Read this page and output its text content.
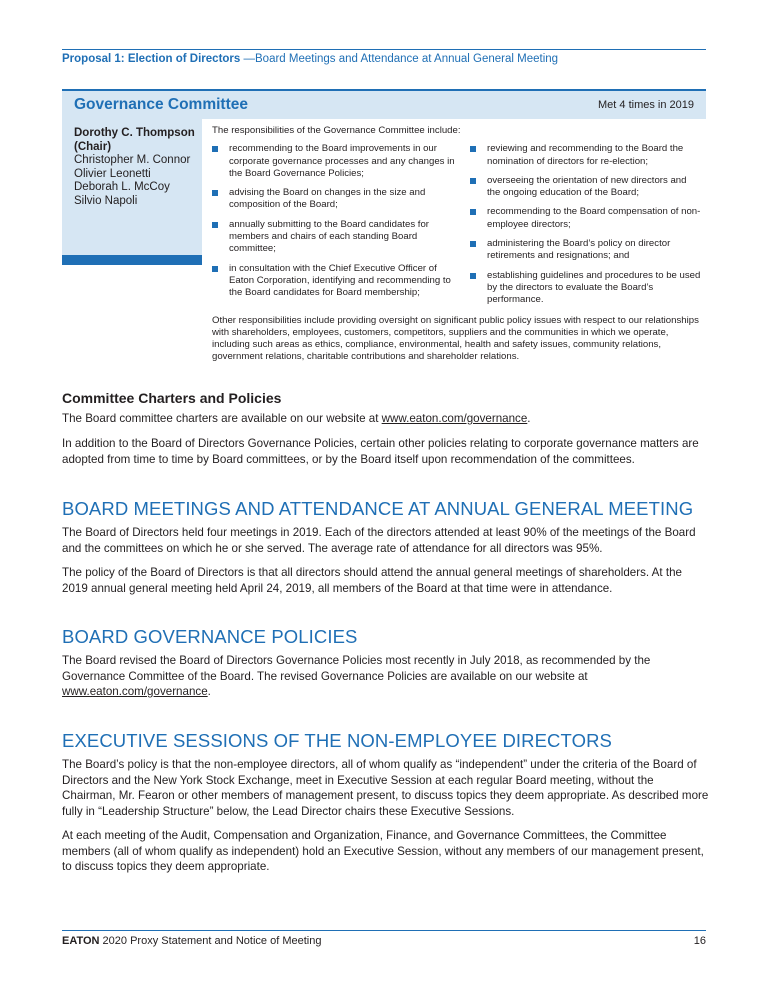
Proposal 1: Election of Directors —Board Meetings and Attendance at Annual General Meeting
Governance Committee	Met 4 times in 2019
Dorothy C. Thompson (Chair)
Christopher M. Connor
Olivier Leonetti
Deborah L. McCoy
Silvio Napoli

The responsibilities of the Governance Committee include:

recommending to the Board improvements in our corporate governance processes and any changes in the Board Governance Policies;
advising the Board on changes in the size and composition of the Board;
annually submitting to the Board candidates for members and chairs of each standing Board committee;
in consultation with the Chief Executive Officer of Eaton Corporation, identifying and recommending to the Board candidates for Board membership;
reviewing and recommending to the Board the nomination of directors for re-election;
overseeing the orientation of new directors and the ongoing education of the Board;
recommending to the Board compensation of non-employee directors;
administering the Board’s policy on director retirements and resignations; and
establishing guidelines and procedures to be used by the directors to evaluate the Board’s performance.

Other responsibilities include providing oversight on significant public policy issues with respect to our relationships with shareholders, employees, customers, competitors, suppliers and the communities in which we operate, including such areas as ethics, compliance, environmental, health and safety issues, community relations, government relations, charitable contributions and shareholder relations.

Committee Charters and Policies

The Board committee charters are available on our website at www.eaton.com/governance.

In addition to the Board of Directors Governance Policies, certain other policies relating to corporate governance matters are adopted from time to time by Board committees, or by the Board itself upon recommendation of the committees.

BOARD MEETINGS AND ATTENDANCE AT ANNUAL GENERAL MEETING

The Board of Directors held four meetings in 2019. Each of the directors attended at least 90% of the meetings of the Board and the committees on which he or she served. The average rate of attendance for all directors was 95%.

The policy of the Board of Directors is that all directors should attend the annual general meetings of shareholders. At the 2019 annual general meeting held April 24, 2019, all members of the Board at that time were in attendance.

BOARD GOVERNANCE POLICIES

The Board revised the Board of Directors Governance Policies most recently in July 2018, as recommended by the Governance Committee of the Board. The revised Governance Policies are available on our website at www.eaton.com/governance.

EXECUTIVE SESSIONS OF THE NON-EMPLOYEE DIRECTORS

The Board’s policy is that the non-employee directors, all of whom qualify as “independent” under the criteria of the Board of Directors and the New York Stock Exchange, meet in Executive Session at each regular Board meeting, without the Chairman, Mr. Fearon or other members of management present, to discuss topics they deem appropriate. As described more fully in “Leadership Structure” below, the Lead Director chairs these Executive Sessions.

At each meeting of the Audit, Compensation and Organization, Finance, and Governance Committees, the Committee members (all of whom qualify as independent) hold an Executive Session, without any members of our management present, to discuss topics they deem appropriate.

EATON 2020 Proxy Statement and Notice of Meeting	16
